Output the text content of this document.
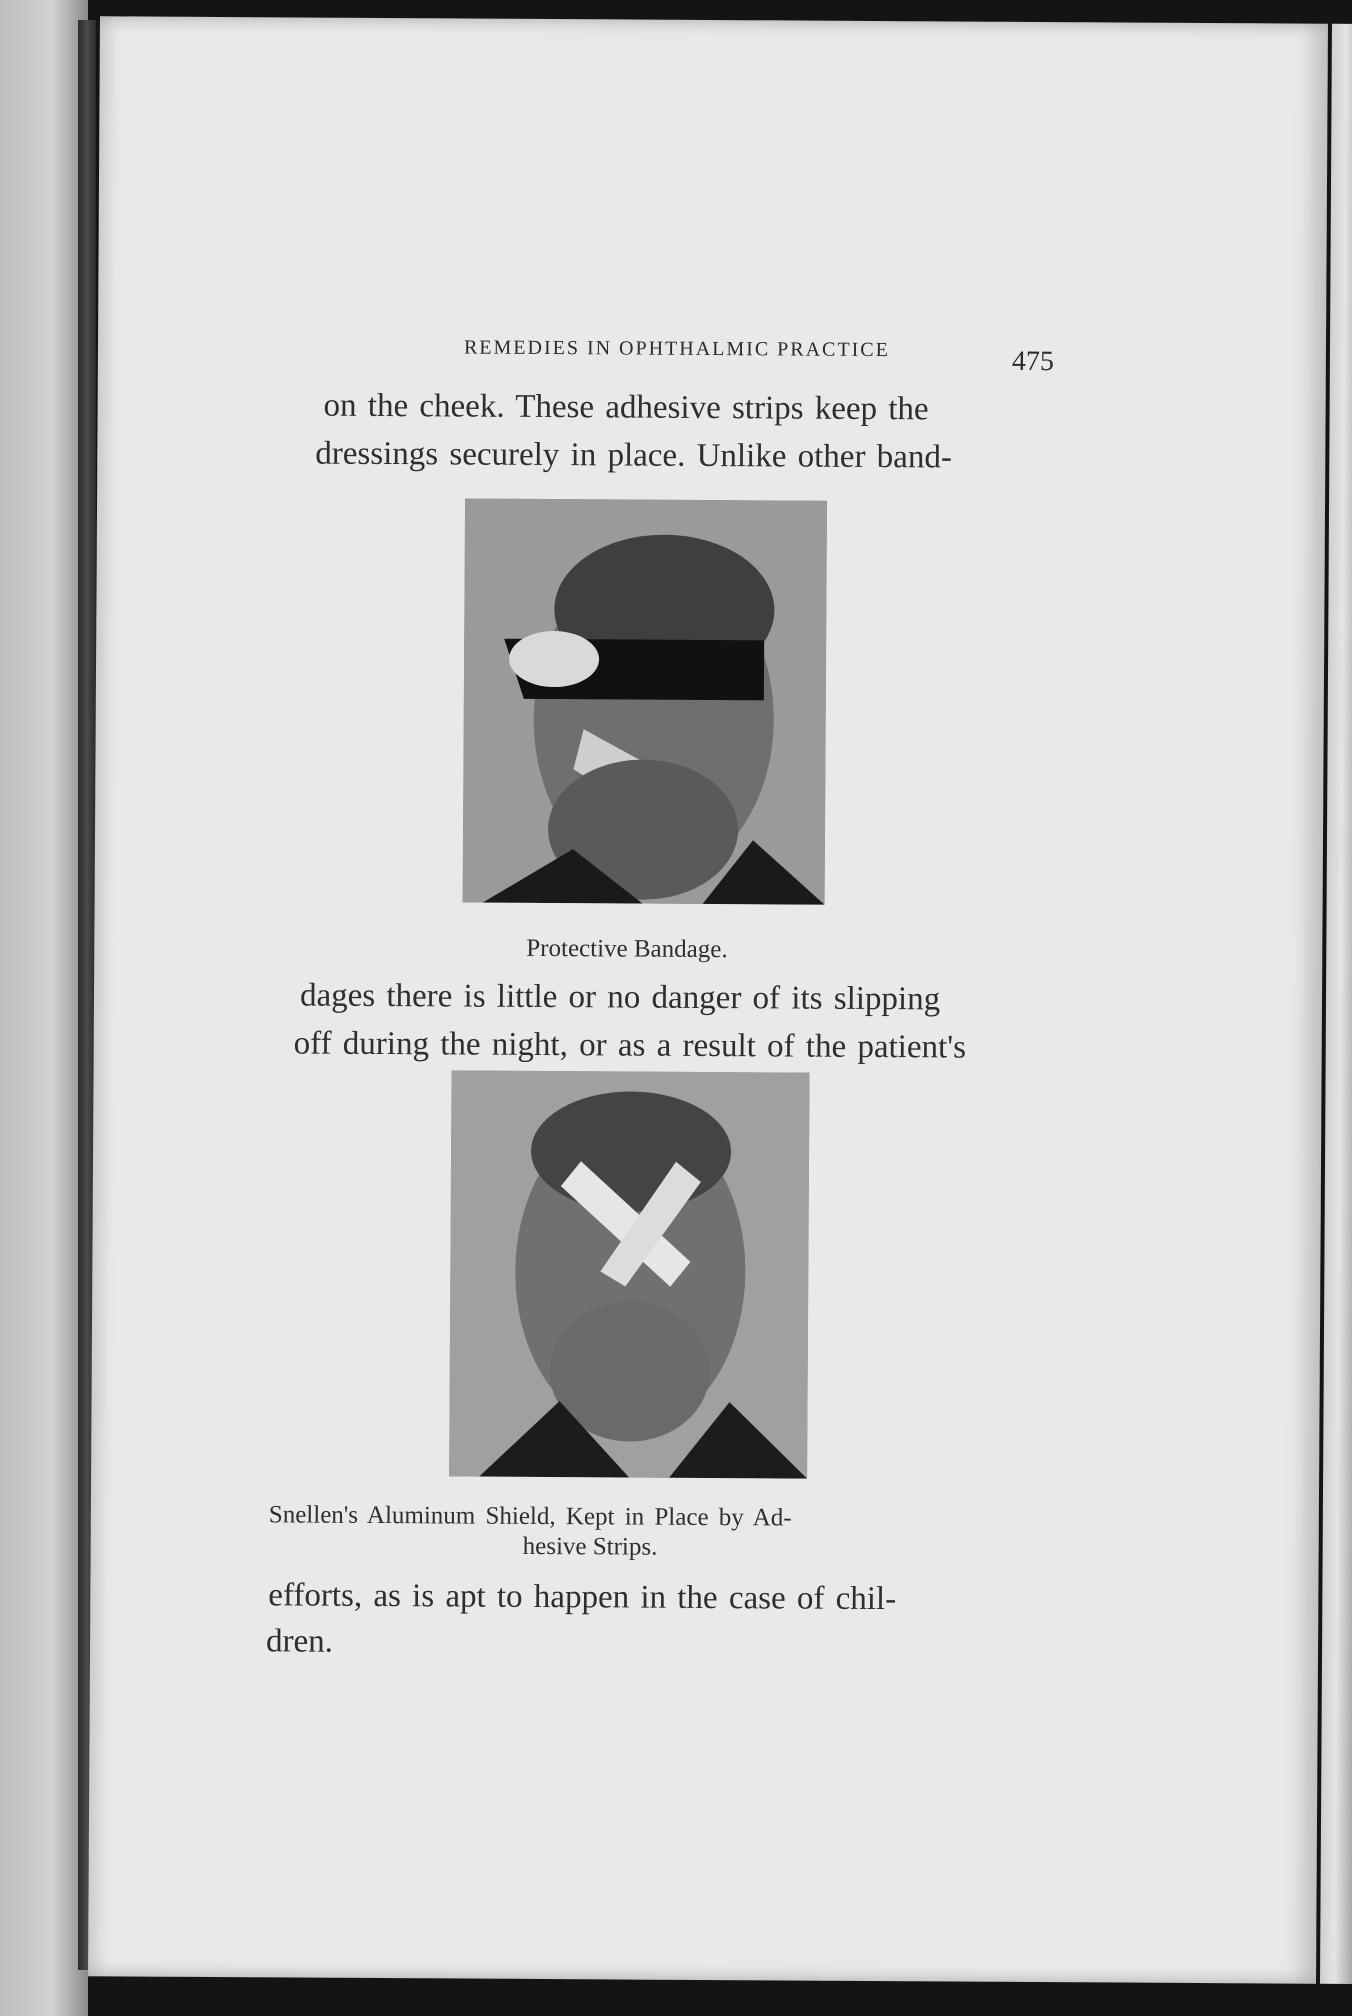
REMEDIES IN OPHTHALMIC PRACTICE	475
on the cheek. These adhesive strips keep the
dressings securely in place. Unlike other band-
Protective Bandage.
dages there is little or no danger of its slipping
off during the night, or as a result of the patient's
Snellen's Aluminum Shield, Kept in Place by Ad-
hesive Strips.
efforts, as is apt to happen in the case of chil-
dren.
